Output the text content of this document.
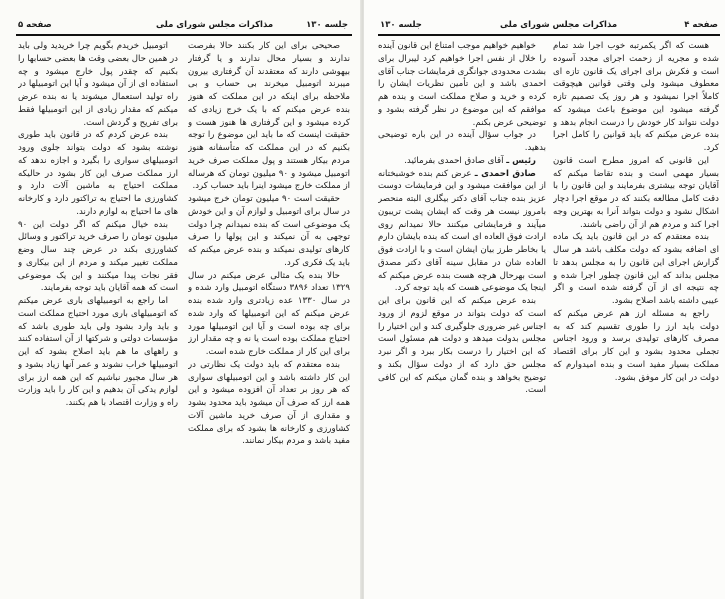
صفحه ۵	مذاکرات مجلس شورای ملی	جلسه ۱۳۰

اتومبیل خریدم بگویم چرا خریدید ولی باید در همین حال بعضی وقت ها بعضی حسابها را بکنیم که چقدر پول خارج میشود و چه استفاده ای از آن میشود و آیا این اتومبیلها در راه تولید استعمال میشوند یا نه بنده عرض میکنم که مقدار زیادی از این اتومبیلها فقط برای تفریح و گردش است.

بنده عرض کردم که در قانون باید طوری نوشته بشود که دولت بتواند جلوی ورود اتومبیلهای سواری را بگیرد و اجازه ندهد که ارز مملکت صرف این کار بشود در حالیکه مملکت احتیاج به ماشین آلات دارد و کشاورزی ما احتیاج به تراکتور دارد و کارخانه های ما احتیاج به لوازم دارند.

بنده خیال میکنم که اگر دولت این ۹۰ میلیون تومان را صرف خرید تراکتور و وسائل کشاورزی بکند در عرض چند سال وضع مملکت تغییر میکند و مردم از این بیکاری و فقر نجات پیدا میکنند و این یک موضوعی است که همه آقایان باید توجه بفرمایند.

اما راجع به اتومبیلهای باری عرض میکنم که اتومبیلهای باری مورد احتیاج مملکت است و باید وارد بشود ولی باید طوری باشد که مؤسسات دولتی و شرکتها از آن استفاده کنند و راههای ما هم باید اصلاح بشود که این اتومبیلها خراب نشوند و عمر آنها زیاد بشود و هر سال مجبور نباشیم که این همه ارز برای لوازم یدکی آن بدهیم و این کار را باید وزارت راه و وزارت اقتصاد با هم بکنند.

صحیحی برای این کار بکنند حالا بفرصت ندارند و بسیار محال ندارند و یا گرفتار بیهوشی دارند که معتقدند آن گرفتاری بیرون میبرند اتومبیل میخرند بی حساب و بی ملاحظه برای اینکه در این مملکت که هنوز بنده عرض میکنم که با یک خرج زیادی که کرده میشود و این گرفتاری ها هنوز هست و حقیقت اینست که ما باید این موضوع را توجه بکنیم که در این مملکت که متأسفانه هنوز مردم بیکار هستند و پول مملکت صرف خرید اتومبیل میشود و ۹۰ میلیون تومان که هرساله از مملکت خارج میشود اینرا باید حساب کرد.

حقیقت است ۹۰ میلیون تومان خرج میشود در سال برای اتومبیل و لوازم آن و این خودش یک موضوعی است که بنده نمیدانم چرا دولت توجهی به آن نمیکند و این پولها را صرف کارهای تولیدی نمیکند و بنده عرض میکنم که باید یک فکری کرد.

حالا بنده یک مثالی عرض میکنم در سال ۱۳۲۹ تعداد ۳۸۹۶ دستگاه اتومبیل وارد شده و در سال ۱۳۳۰ عده زیادتری وارد شده بنده عرض میکنم که این اتومبیلها که وارد شده برای چه بوده است و آیا این اتومبیلها مورد احتیاج مملکت بوده است یا نه و چه مقدار ارز برای این کار از مملکت خارج شده است.

بنده معتقدم که باید دولت یک نظارتی در این کار داشته باشد و این اتومبیلهای سواری که هر روز بر تعداد آن افزوده میشود و این همه ارز که صرف آن میشود باید محدود بشود و مقداری از آن صرف خرید ماشین آلات کشاورزی و کارخانه ها بشود که برای مملکت مفید باشد و مردم بیکار نمانند.

جلسه ۱۳۰	مذاکرات مجلس شورای ملی	صفحه ۴

خواهیم خواهیم موجب امتناع این قانون آینده را خلال از نفس اجرا خواهیم کرد لیبرال برای بشدت محدودی جوانگری فرمایشات جناب آقای احمدی باشد و این تأمین نظریات ایشان را کرده و خرید و صلاح مملکت است و بنده هم موافقم که این موضوع در نظر گرفته بشود و توضیحی عرض بکنم.

در جواب سؤال آینده در این باره توضیحی بدهید.

رئیس ـ آقای صادق احمدی بفرمائید.

صادق احمدی ـ عرض کنم بنده خوشبختانه از این موافقت میشود و این فرمایشات دوست عزیز بنده جناب آقای دکتر بیگلری البته منحصر بامروز نیست هر وقت که ایشان پشت تریبون میآیند و فرمایشاتی میکنند حالا نمیدانم روی ارادت فوق العاده ای است که بنده بایشان دارم یا بخاطر طرز بیان ایشان است و با ارادت فوق العاده شان در مقابل سینه آقای دکتر مصدق است بهرحال هرچه هست بنده عرض میکنم که اینجا یک موضوعی هست که باید توجه کرد.

بنده عرض میکنم که این قانون برای این است که دولت بتواند در موقع لزوم از ورود اجناس غیر ضروری جلوگیری کند و این اختیار را مجلس بدولت میدهد و دولت هم مسئول است که این اختیار را درست بکار ببرد و اگر نبرد مجلس حق دارد که از دولت سؤال بکند و توضیح بخواهد و بنده گمان میکنم که این کافی است.

هست که اگر یکمرتبه خوب اجرا شد تمام شده و مجریه از زحمت اجرای مجدد آسوده است و فکرش برای اجرای یک قانون تازه ای معطوف میشود ولی وقتی قوانین هیچوقت کاملاً اجرا نمیشود و هر روز یک تصمیم تازه گرفته میشود این موضوع باعث میشود که دولت نتواند کار خودش را درست انجام بدهد و بنده عرض میکنم که باید قوانین را کامل اجرا کرد.

این قانونی که امروز مطرح است قانون بسیار مهمی است و بنده تقاضا میکنم که آقایان توجه بیشتری بفرمایند و این قانون را با دقت کامل مطالعه بکنند که در موقع اجرا دچار اشکال نشود و دولت بتواند آنرا به بهترین وجه اجرا کند و مردم هم از آن راضی باشند.

بنده معتقدم که در این قانون باید یک ماده ای اضافه بشود که دولت مکلف باشد هر سال گزارش اجرای این قانون را به مجلس بدهد تا مجلس بداند که این قانون چطور اجرا شده و چه نتیجه ای از آن گرفته شده است و اگر عیبی داشته باشد اصلاح بشود.

راجع به مسئله ارز هم عرض میکنم که دولت باید ارز را طوری تقسیم کند که به مصرف کارهای تولیدی برسد و ورود اجناس تجملی محدود بشود و این کار برای اقتصاد مملکت بسیار مفید است و بنده امیدوارم که دولت در این کار موفق بشود.
